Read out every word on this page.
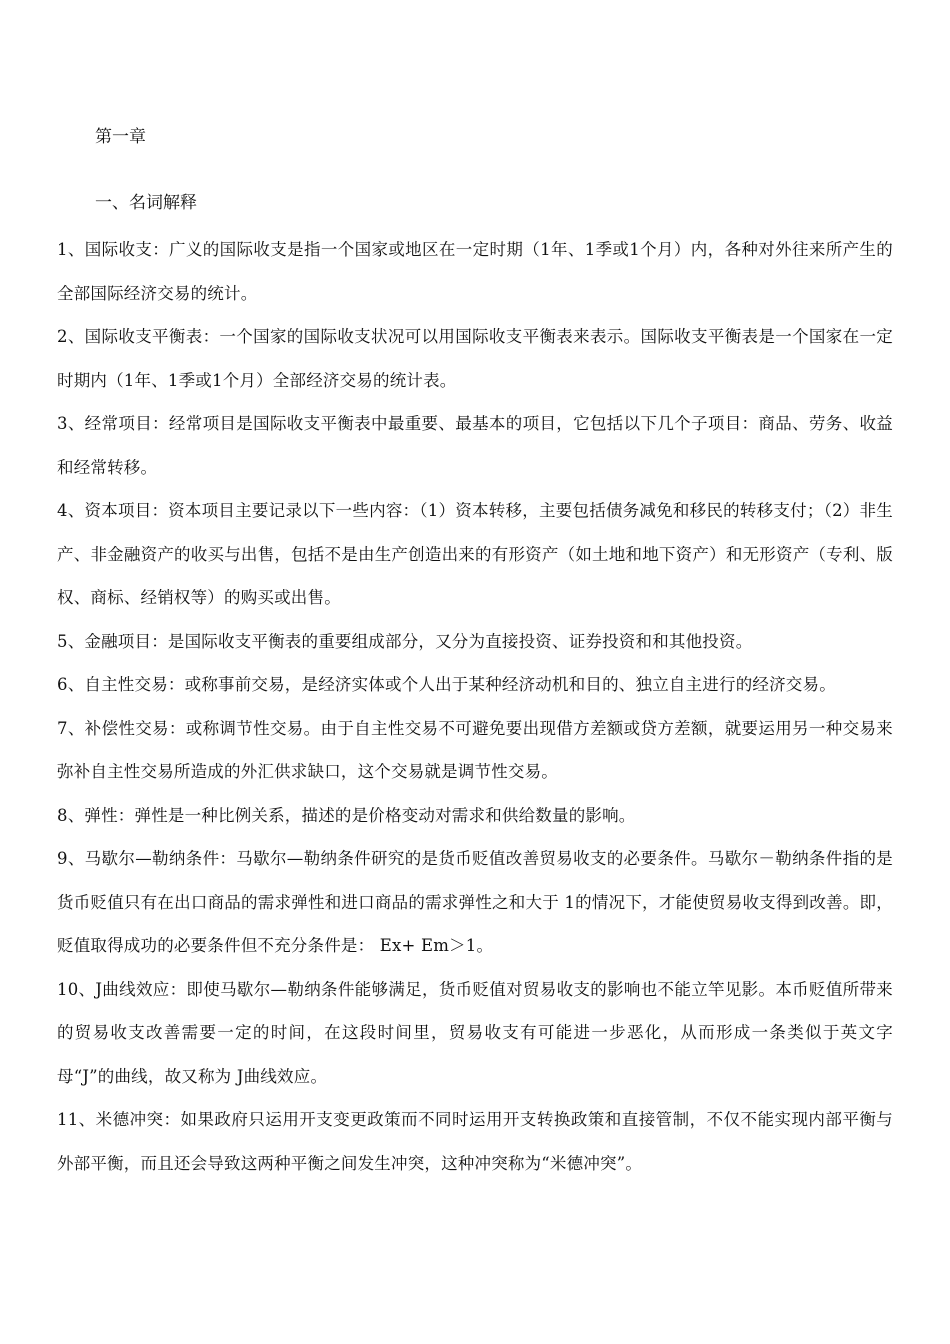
第一章
一、名词解释
1、国际收支：广义的国际收支是指一个国家或地区在一定时期（1年、1季或1个月）内，各种对外往来所产生的全部国际经济交易的统计。
2、国际收支平衡表：一个国家的国际收支状况可以用国际收支平衡表来表示。国际收支平衡表是一个国家在一定时期内（1年、1季或1个月）全部经济交易的统计表。
3、经常项目：经常项目是国际收支平衡表中最重要、最基本的项目，它包括以下几个子项目：商品、劳务、收益和经常转移。
4、资本项目：资本项目主要记录以下一些内容：（1）资本转移，主要包括债务减免和移民的转移支付；（2）非生产、非金融资产的收买与出售，包括不是由生产创造出来的有形资产（如土地和地下资产）和无形资产（专利、版权、商标、经销权等）的购买或出售。
5、金融项目：是国际收支平衡表的重要组成部分，又分为直接投资、证券投资和和其他投资。
6、自主性交易：或称事前交易，是经济实体或个人出于某种经济动机和目的、独立自主进行的经济交易。
7、补偿性交易：或称调节性交易。由于自主性交易不可避免要出现借方差额或贷方差额，就要运用另一种交易来弥补自主性交易所造成的外汇供求缺口，这个交易就是调节性交易。
8、弹性：弹性是一种比例关系，描述的是价格变动对需求和供给数量的影响。
9、马歇尔—勒纳条件：马歇尔—勒纳条件研究的是货币贬值改善贸易收支的必要条件。马歇尔－勒纳条件指的是货币贬值只有在出口商品的需求弹性和进口商品的需求弹性之和大于 1的情况下，才能使贸易收支得到改善。即，贬值取得成功的必要条件但不充分条件是： Ex+ Em＞1。
10、J曲线效应：即使马歇尔—勒纳条件能够满足，货币贬值对贸易收支的影响也不能立竿见影。本币贬值所带来的贸易收支改善需要一定的时间，在这段时间里，贸易收支有可能进一步恶化，从而形成一条类似于英文字母“J”的曲线，故又称为 J曲线效应。
11、米德冲突：如果政府只运用开支变更政策而不同时运用开支转换政策和直接管制，不仅不能实现内部平衡与外部平衡，而且还会导致这两种平衡之间发生冲突，这种冲突称为“米德冲突”。
